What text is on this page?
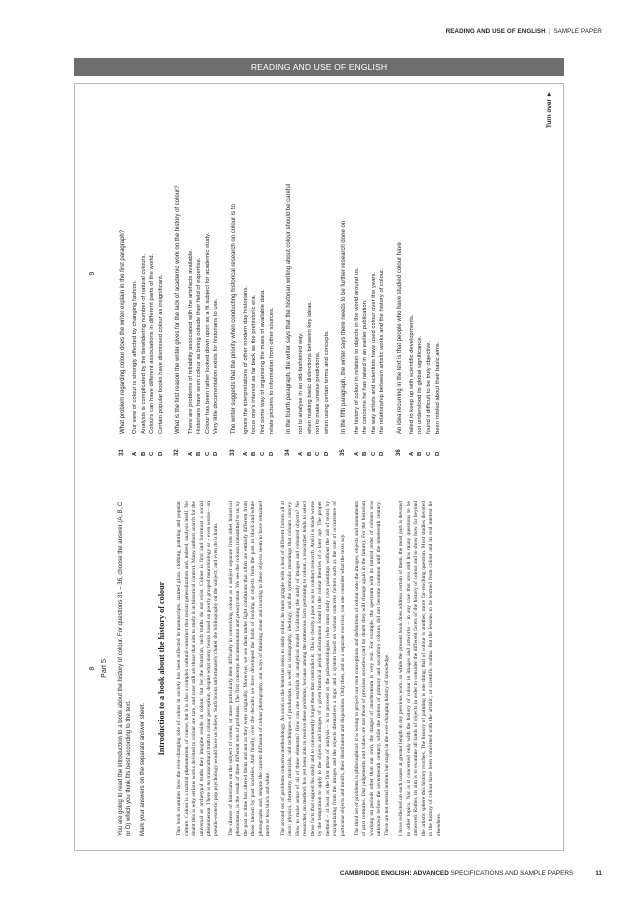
READING AND USE OF ENGLISH | SAMPLE PAPER
READING AND USE OF ENGLISH
8 Part 5 You are going to read the introduction to a book about the history of colour. For questions 31 – 36, choose the answer (A, B, C or D) which you think fits best according to the text. Mark your answers on the separate answer sheet.

Introduction to a book about the history of colour	This book examines how the ever-changing role of colour in society has been reflected in manuscripts, stained glass, clothing, painting and popular culture. Colour is a natural phenomenon, of course, but it is also a complex cultural construct that resists generalization and, indeed, analysis itself. No doubt this is why serious works devoted to colour are rare, and rarer still are those that aim to study it in historical context. Many authors search for the universal or archetypal truths they imagine reside in colour, but for the historian, such truths do not exist. Colour is first and foremost a social phenomenon. There is no transcultural truth to colour perception, despite what many books based on poorly grasped neurobiology or – even worse – on pseudo-esoteric pop psychology would have us believe. Such books unfortunately clutter the bibliography on the subject, and even do it harm. The silence of historians on the subject of colour, or more particularly their difficulty in conceiving colour as a subject separate from other historical phenomena, is the result of three different sets of problems. The first concerns documentation and preservation. We see the colours transmitted to us by the past as time has altered them and not as they were originally. Moreover, we see them under light conditions that often are entirely different from those known by past societies. And finally, over the decades we have developed the habit of looking at objects from the past in black-and-white photographs and, despite the current diffusion of colour photography, our ways of thinking about and reacting to these objects seem to have remained more or less black and white. The second set of problems concerns methodology. As soon as the historian seeks to study colour, he must grapple with a host of different factors all at once: physics, chemistry, materials, and techniques of production, as well as iconography, ideology, and the symbolic meanings that colours convey. How to make sense of all of these elements? How can one establish an analytical model facilitating the study of images and coloured objects? No researcher, no method, has yet been able to resolve these problems, because among the numerous facts pertaining to colour, a researcher tends to select those facts that support his study and to conveniently forget those that contradict it. This is clearly a poor way to conduct research. And it is made worse by the temptation to apply to the objects and images of a given historical period information found in the colour theories of a later age. The proper method – at least as the first phase of analysis – is to proceed as the palaeontologists (who must study cave paintings without the aid of texts) by extrapolating from the images and the objects themselves a logic and a system based on various concrete factors such as the rate of occurrence of particular objects and motifs, their distribution and disposition. Only then, and as a separate exercise, can one consider what the texts say. The third set of problems is philosophical: it is wrong to project our own conceptions and definitions of colour onto the images, objects and monuments of past centuries. Our judgements and values are not those of previous societies (and no doubt they will change again in the future). For the historian working on periods other than our own, the danger of anachronism is very real. For example, the spectrum with its natural order of colours was unknown before the seventeenth century, while the notion of primary and secondary colours did not become common until the nineteenth century. These are not eternal notions but stages in the ever-changing history of knowledge. I have reflected on such issues at greater length in my previous work, so while the present book does address certain of them, the most part is devoted to other topics. Nor is it concerned only with the history of colour in images and artworks – in any case that area still has many questions to be answered. Rather, its aim is to examine all kinds of objects in order to consider the different facets of the history of colour and to show how far beyond the artistic sphere this history reaches. The history of painting is one thing; that of colour is another, more far-reaching question. Most studies devoted to the history of colour have been concerned with the artistic, or scientific realms. But the lessons to be learned from colour and its real interest lie elsewhere.

9
31
What problem regarding colour does the writer explain in the first paragraph?
A
Our view of colour is strongly affected by changing fashion.
B
Analysis is complicated by the bewildering number of natural colours.
C
Colours can have different associations in different parts of the world.
D
Certain popular books have dismissed colour as insignificant.
32
What is the first reason the writer gives for the lack of academic work on the history of colour?
A
There are problems of reliability associated with the artefacts available.
B
Historians have seen colour as being outside their field of expertise.
C
Colour has been rather looked down upon as a fit subject for academic study.
D
Very little documentation exists for historians to use.
33
The writer suggests that the priority when conducting historical research on colour is to
A
ignore the interpretations of other modern day historians.
B
focus one's interest as far back as the prehistoric era.
C
find some way of organising the mass of available data.
D
relate pictures to information from other sources.
34
In the fourth paragraph, the writer says that the historian writing about colour should be careful
A
not to analyse in an old-fashioned way.
B
when making basic distinctions between key ideas.
C
not to make unwise predictions.
D
when using certain terms and concepts.
35
In the fifth paragraph, the writer says there needs to be further research done on
A
the history of colour in relation to objects in the world around us.
B
the concerns he has raised in an earlier publication.
C
the way artists and scientists have used colour over the years.
D
the relationship between artistic works and the history of colour.
36
An idea recurring in the text is that people who have studied colour have
A
failed to keep up with scientific developments.
B
not understood its global significance.
C
found it difficult to be truly objective.
D
been misled about their basic aims.
Turn over ►
CAMBRIDGE ENGLISH: ADVANCED SPECIFICATIONS AND SAMPLE PAPERS	11
